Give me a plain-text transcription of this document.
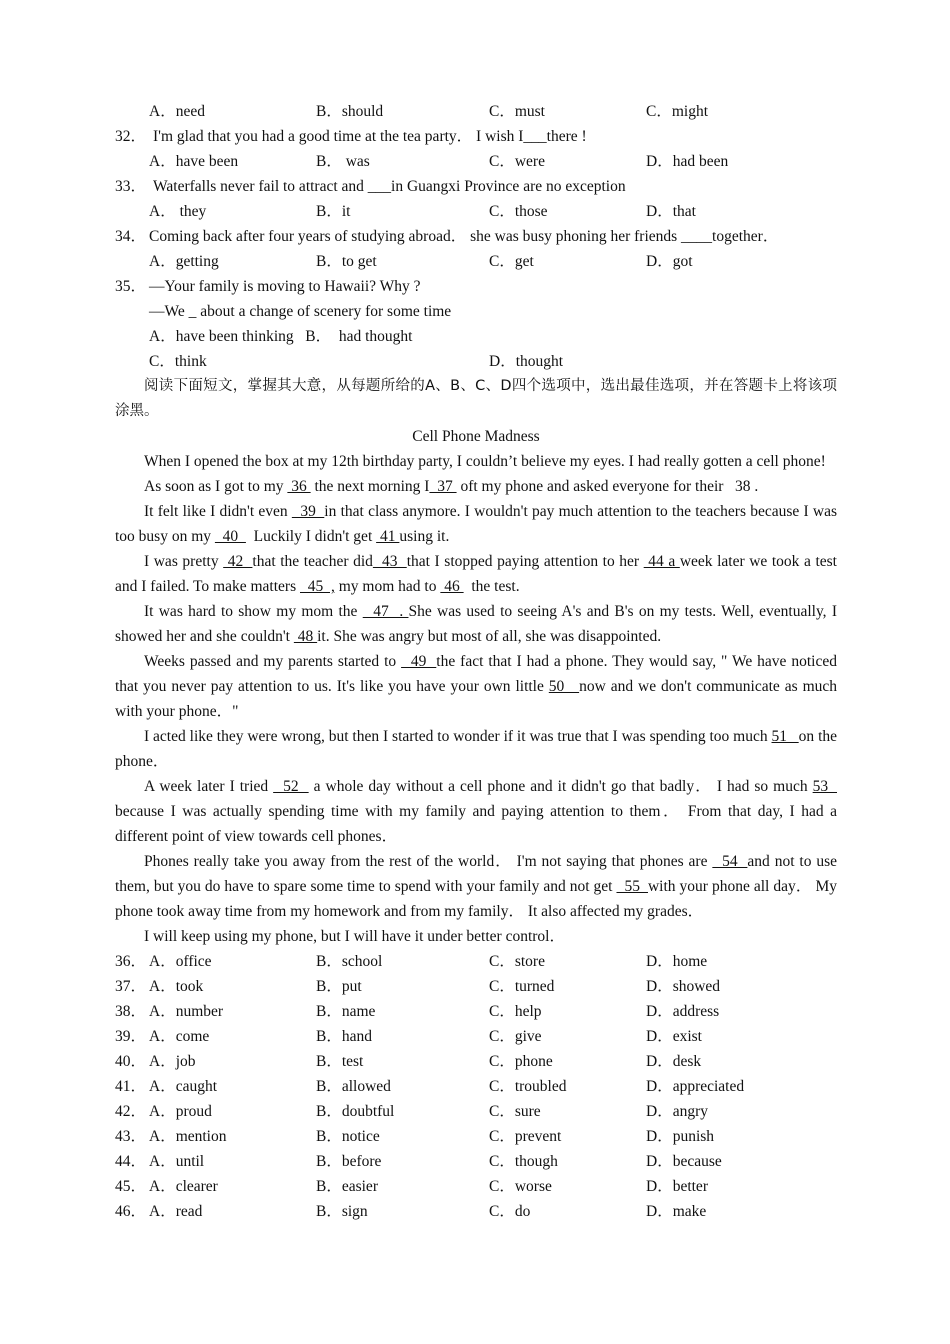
A．need	B．should	C．must	C．might
32． I'm glad that you had a good time at the tea party． I wish I___there !
A．have been	B． was	C．were	D．had been
33． Waterfalls never fail to attract and ___in Guangxi Province are no exception
A． they	B．it	C．those	D．that
34． Coming back after four years of studying abroad． she was busy phoning her friends ____together．
A．getting	B．to get	C．get	D．got
35． —Your family is moving to Hawaii? Why ?
—We _ about a change of scenery for some time
A．have been thinking   B．  had thought
C．think	D．thought
阅读下面短文，掌握其大意，从每题所给的A、B、C、D四个选项中，选出最佳选项，并在答题卡上将该项涂黑。
Cell Phone Madness
When I opened the box at my 12th birthday party, I couldn’t believe my eyes. I had really gotten a cell phone!
As soon as I got to my  36  the next morning I  37  oft my phone and asked everyone for their   38 .
It felt like I didn't even   39  in that class anymore. I wouldn't pay much attention to the teachers because I was too busy on my   40    Luckily I didn't get  41 using it.
I was pretty  42  that the teacher did  43  that I stopped paying attention to her  44 a week later we took a test and I failed. To make matters   45  , my mom had to  46   the test.
It was hard to show my mom the   47  . She was used to seeing A's and B's on my tests. Well, eventually, I showed her and she couldn't  48 it. She was angry but most of all, she was disappointed.
Weeks passed and my parents started to   49  the fact that I had a phone. They would say, " We have noticed that you never pay attention to us. It's like you have your own little 50   now and we don't communicate as much with your phone．"
I acted like they were wrong, but then I started to wonder if it was true that I was spending too much 51   on the phone．
A week later I tried   52   a whole day without a cell phone and it didn't go that badly． I had so much 53   because I was actually spending time with my family and paying attention to them． From that day, I had a different point of view towards cell phones．
Phones really take you away from the rest of the world． I'm not saying that phones are   54  and not to use them, but you do have to spare some time to spend with your family and not get   55  with your phone all day． My phone took away time from my homework and from my family． It also affected my grades．
I will keep using my phone, but I will have it under better control．
36． A．office	B．school	C．store	D．home
37． A．took	B．put	C．turned	D．showed
38． A．number	B．name	C．help	D．address
39． A．come	B．hand	C．give	D．exist
40． A．job	B．test	C．phone	D．desk
41． A．caught	B．allowed	C．troubled	D．appreciated
42． A．proud	B．doubtful	C．sure	D．angry
43． A．mention	B．notice	C．prevent	D．punish
44． A．until	B．before	C．though	D．because
45． A．clearer	B．easier	C．worse	D．better
46． A．read	B．sign	C．do	D．make
